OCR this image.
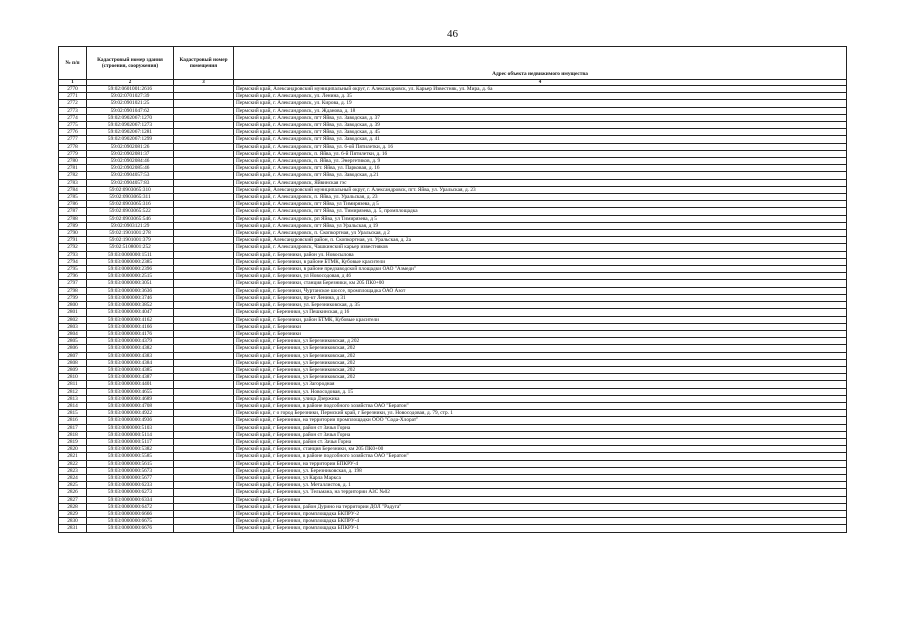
46
№ п/п	Кадастровый номер здания (строения, сооружения)	Кадастровый номер помещения	Адрес объекта недвижимого имущества
1	2	3	4
2770	59:02:0601001:2616		Пермский край, Александровский муниципальный округ, г. Александровск, ул. Карьер Известняк, ул. Мира, д. 6а
2771	59:02:0701027:39		Пермский край, г. Александровск, ул. Ленина, д. 35
2772	59:02:0901021:25		Пермский край, г. Александровск, ул. Кирова, д. 19
2773	59:02:0901047:62		Пермский край, г. Александровск, ул. Жданова, д. 18
2774	59:02:0902067:1270		Пермский край, г. Александровск, пгт Яйва, ул. Заводская, д. 37
2775	59:02:0902067:1273		Пермский край, г. Александровск, пгт Яйва, ул. Заводская, д. 39
2776	59:02:0902067:1281		Пермский край, г. Александровск, пгт Яйва, ул. Заводская, д. 45
2777	59:02:0902067:1299		Пермский край, г. Александровск, пгт Яйва, ул. Заводская, д. 41
2778	59:02:0902081:26		Пермский край, г. Александровск, пгт Яйва, ул. 6-ой Пятилетки, д. 16
2779	59:02:0902081:37		Пермский край, г. Александровск, п. Яйва, ул. 6-й Пятилетки, д. 16
2780	59:02:0902084:46		Пермский край, г. Александровск, п. Яйва, ул. Энергетиков, д. 9
2781	59:02:0902085:46		Пермский край, г. Александровск, пгт. Яйва, ул. Парковая, д. 16
2782	59:02:0904057:53		Пермский край, г. Александровск, пгт Яйва, ул. Заводская, д.21
2783	59:02:0904057:83		Пермский край, г. Александровск, Яйвинская гэс
2784	59:02:0903065:310		Пермский край, Александровский муниципальный округ, г. Александровск, пгт. Яйва, ул. Уральская, д. 23
2785	59:02:0903065:311		Пермский край, г. Александровск, п. Яйва, ул. Уральская, д. 23
2786	59:02:0903065:316		Пермский край, г. Александровск, пгт Яйва, ул Тимирязева, д 5
2787	59:02:0903065:522		Пермский край, г. Александровск, пгт Яйва, ул. Тимирязева, д. 5, промплощадка
2788	59:02:0903065:546		Пермский край, г. Александровск, рп Яйва, ул Тимирязева, д 5
2789	59:02:0903121:29		Пермский край, г. Александровск, пгт Яйва, ул Уральская, д 19
2790	59:02:1901001:278		Пермский край, г. Александровск, п. Скопкортная, ул Уральская, д 2
2791	59:02:1901001:379		Пермский край, Александровский район, п. Скопкортная, ул. Уральская, д. 2а
2792	59:02:5108001:252		Пермский край, г. Александровск, Чашкинский карьер известняков
2793	59:03:0000000:1511		Пермский край, г. Березники, район ул. Новосылова
2794	59:03:0000000:2385		Пермский край, г. Березники, в районе БТМК, Кубовые красители
2795	59:03:0000000:2396		Пермский край, г. Березники, в районе предзаводской площадки ОАО "Азмеди"
2796	59:03:0000000:2515		Пермский край, г. Березники, ул Новосодовая, д 46
2797	59:03:0000000:3051		Пермский край, г. Березники, станция Березники, км 205 ПК0+00
2798	59:03:0000000:3636		Пермский край, г. Березники, Чуртанское шоссе, промплощадка ОАО Азот
2799	59:03:0000000:3746		Пермский край, г. Березники, пр-кт Ленина, д 31
2800	59:03:0000000:3852		Пермский край, г. Березники, ул. Березниковская, д. 35
2801	59:03:0000000:4047		Пермский край, г Березники, ул Пешкинская, д 16
2802	59:03:0000000:4162		Пермский край, г. Березники, район БТМК, Кубовые красители
2803	59:03:0000000:4166		Пермский край, г. Березники
2804	59:03:0000000:4176		Пермский край, г. Березники
2805	59:03:0000000:4379		Пермский край, г Березники, ул Березниковская, д 202
2806	59:03:0000000:4382		Пермский край, г Березники, ул Березниковская, 202
2807	59:03:0000000:4383		Пермский край, г Березники, ул Березниковская, 202
2808	59:03:0000000:4384		Пермский край, г Березники, ул Березниковская, 202
2809	59:03:0000000:4385		Пермский край, г Березники, ул Березниковская, 202
2810	59:03:0000000:4387		Пермский край, г Березники, ул Березниковская, 202
2811	59:03:0000000:4401		Пермский край, г Березники, ул Загородная
2812	59:03:0000000:4655		Пермский край, г Березники, ул. Новосодовая, д. 15
2813	59:03:0000000:4689		Пермский край, г Березники, улица Дзержика
2814	59:03:0000000:4708		Пермский край, г Березники, в районе подсобного хозяйства ОАО "Бератон"
2815	59:03:0000000:4922		Пермский край, г о город Березники, Пермский край, г Березники, ул. Новосодовая, д. 79, стр. 1
2816	59:03:0000000:4936		Пермский край, г Березники, на территории промплощадки ООО "Сода-Хлорат"
2817	59:03:0000000:5103		Пермский край, г Березники, район ст Зачья Горна
2818	59:03:0000000:5114		Пермский край, г Березники, район ст Зачья Горна
2819	59:03:0000000:5117		Пермский край, г Березники, район ст. Зачья Горна
2820	59:03:0000000:5382		Пермский край, г Березники, станция Березники, км 205 ПК0+00
2821	59:03:0000000:5585		Пермский край, г Березники, в районе подсобного хозяйства ОАО "Бератон"
2822	59:03:0000000:5615		Пермский край, г Березники, на территории БПКРУ-4
2823	59:03:0000000:5673		Пермский край, г Березники, ул. Березниковская, д. 198
2824	59:03:0000000:5677		Пермский край, г Березники, ул Карла Маркса
2825	59:03:0000000:6233		Пермский край, г Березники, ул. Металлистов, д. 1
2826	59:03:0000000:6273		Пермский край, г Березники, ул. Тельмана, на территории АЗС №02
2827	59:03:0000000:6334		Пермский край, г Березники
2828	59:03:0000000:6472		Пермский край, г Березники, район Дурино на территории ДОЛ "Радуга"
2829	59:03:0000000:6666		Пермский край, г Березники, промплощадка БКПРУ-2
2830	59:03:0000000:6675		Пермский край, г Березники, промплощадка БКПРУ-4
2831	59:03:0000000:6676		Пермский край, г Березники, промплощадка БПКРУ-1
